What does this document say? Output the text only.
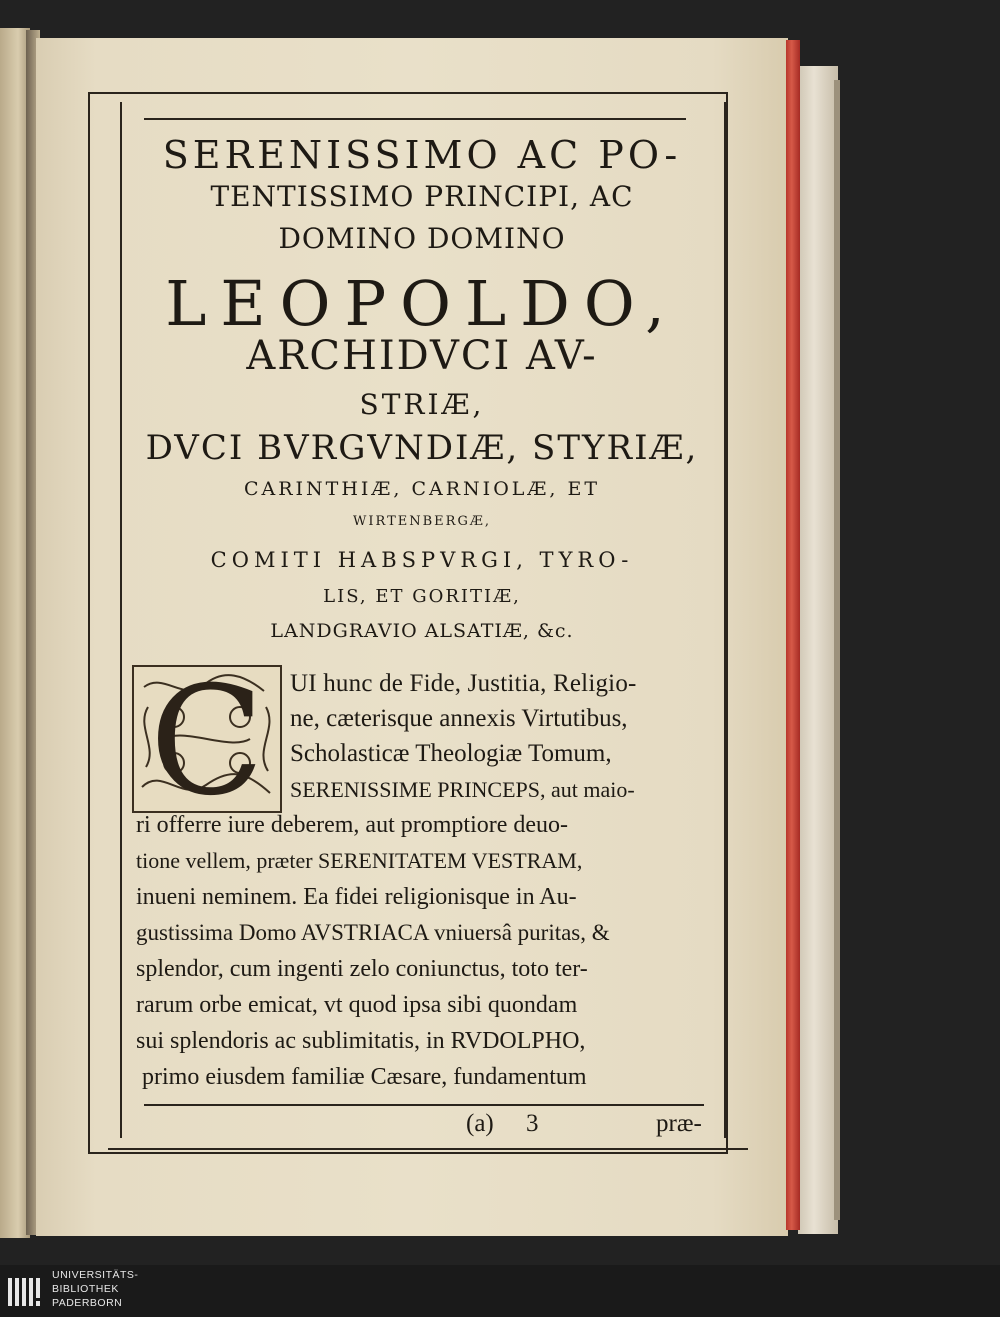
SERENISSIMO AC PO-
TENTISSIMO PRINCIPI, AC
DOMINO DOMINO
LEOPOLDO,
ARCHIDVCI AV-
STRIÆ,
DVCI BVRGVNDIÆ, STYRIÆ,
CARINTHIÆ, CARNIOLÆ, ET
WIRTENBERGÆ,
COMITI HABSPVRGI, TYRO-
LIS, ET GORITIÆ,
LANDGRAVIO ALSATIÆ, &c.
C	UI hunc de Fide, Justitia, Religio-
ne, cæterisque annexis Virtutibus,
Scholasticæ Theologiæ Tomum,
SERENISSIME PRINCEPS, aut maio-
ri offerre iure deberem, aut promptiore deuo-
tione vellem, præter SERENITATEM VESTRAM,
inueni neminem. Ea fidei religionisque in Au-
gustissima Domo AVSTRIACA vniuersâ puritas, &
splendor, cum ingenti zelo coniunctus, toto ter-
rarum orbe emicat, vt quod ipsa sibi quondam
sui splendoris ac sublimitatis, in RVDOLPHO,
primo eiusdem familiæ Cæsare, fundamentum
(a) 3	præ-
UNIVERSITÄTS-
BIBLIOTHEK
PADERBORN
